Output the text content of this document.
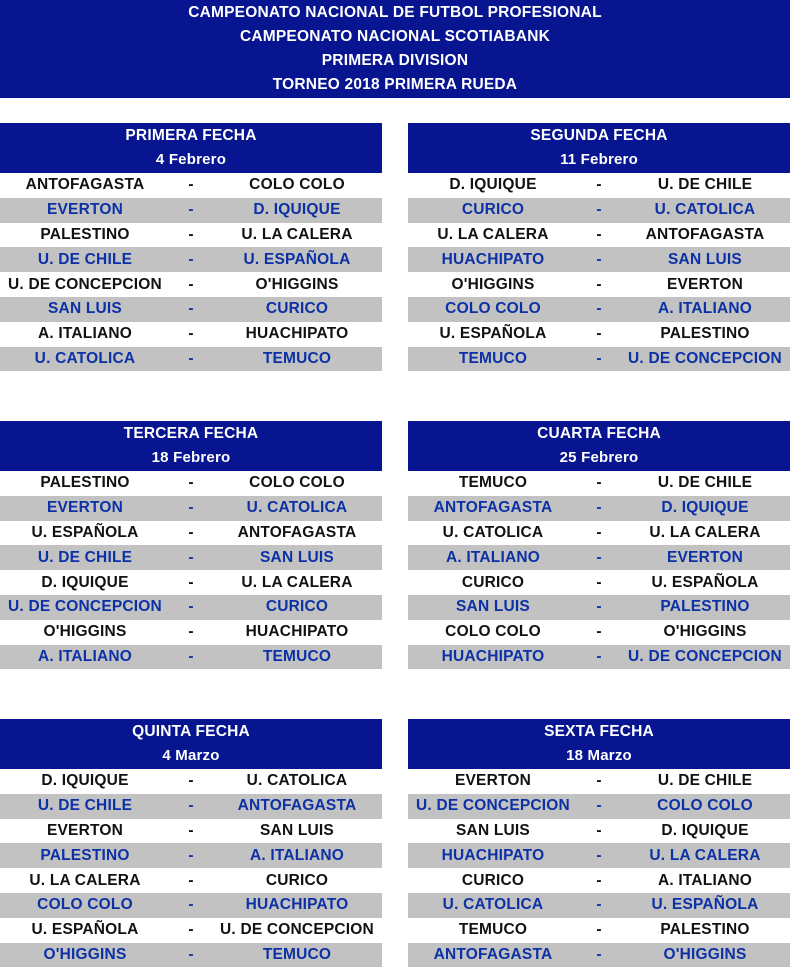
CAMPEONATO NACIONAL DE FUTBOL PROFESIONAL
CAMPEONATO NACIONAL SCOTIABANK
PRIMERA DIVISION
TORNEO 2018 PRIMERA RUEDA
PRIMERA FECHA
4 Febrero
ANTOFAGASTA	-	COLO COLO
EVERTON	-	D. IQUIQUE
PALESTINO	-	U. LA CALERA
U. DE CHILE	-	U. ESPAÑOLA
U. DE CONCEPCION	-	O'HIGGINS
SAN LUIS	-	CURICO
A. ITALIANO	-	HUACHIPATO
U. CATOLICA	-	TEMUCO
SEGUNDA FECHA
11 Febrero
D. IQUIQUE	-	U. DE CHILE
CURICO	-	U. CATOLICA
U. LA CALERA	-	ANTOFAGASTA
HUACHIPATO	-	SAN LUIS
O'HIGGINS	-	EVERTON
COLO COLO	-	A. ITALIANO
U. ESPAÑOLA	-	PALESTINO
TEMUCO	-	U. DE CONCEPCION
TERCERA FECHA
18 Febrero
PALESTINO	-	COLO COLO
EVERTON	-	U. CATOLICA
U. ESPAÑOLA	-	ANTOFAGASTA
U. DE CHILE	-	SAN LUIS
D. IQUIQUE	-	U. LA CALERA
U. DE CONCEPCION	-	CURICO
O'HIGGINS	-	HUACHIPATO
A. ITALIANO	-	TEMUCO
CUARTA FECHA
25 Febrero
TEMUCO	-	U. DE CHILE
ANTOFAGASTA	-	D. IQUIQUE
U. CATOLICA	-	U. LA CALERA
A. ITALIANO	-	EVERTON
CURICO	-	U. ESPAÑOLA
SAN LUIS	-	PALESTINO
COLO COLO	-	O'HIGGINS
HUACHIPATO	-	U. DE CONCEPCION
QUINTA FECHA
4 Marzo
D. IQUIQUE	-	U. CATOLICA
U. DE CHILE	-	ANTOFAGASTA
EVERTON	-	SAN LUIS
PALESTINO	-	A. ITALIANO
U. LA CALERA	-	CURICO
COLO COLO	-	HUACHIPATO
U. ESPAÑOLA	-	U. DE CONCEPCION
O'HIGGINS	-	TEMUCO
SEXTA FECHA
18 Marzo
EVERTON	-	U. DE CHILE
U. DE CONCEPCION	-	COLO COLO
SAN LUIS	-	D. IQUIQUE
HUACHIPATO	-	U. LA CALERA
CURICO	-	A. ITALIANO
U. CATOLICA	-	U. ESPAÑOLA
TEMUCO	-	PALESTINO
ANTOFAGASTA	-	O'HIGGINS
